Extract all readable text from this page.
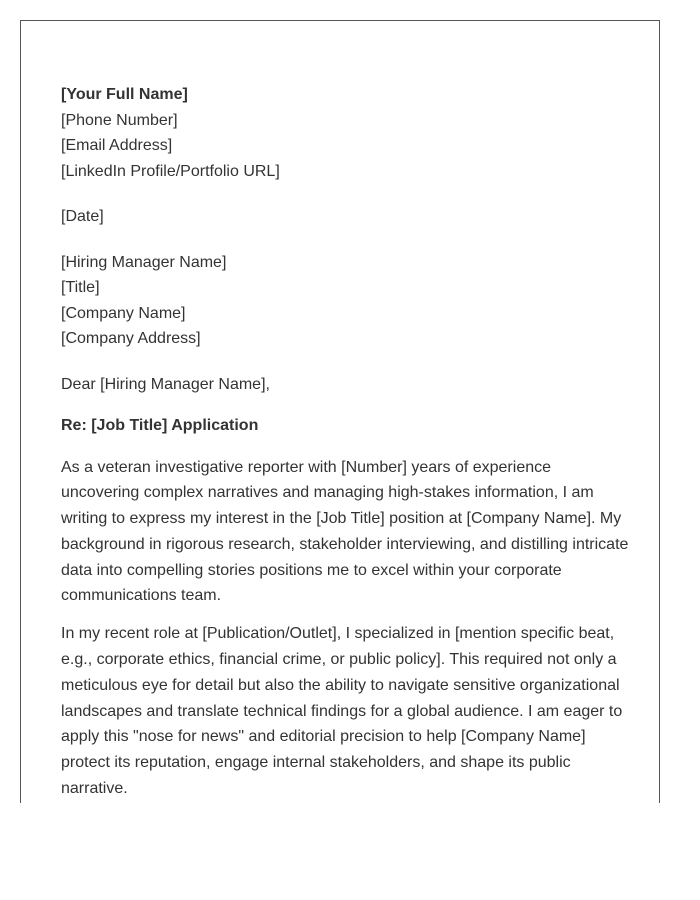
[Your Full Name]
[Phone Number]
[Email Address]
[LinkedIn Profile/Portfolio URL]
[Date]
[Hiring Manager Name]
[Title]
[Company Name]
[Company Address]
Dear [Hiring Manager Name],
Re: [Job Title] Application

As a veteran investigative reporter with [Number] years of experience uncovering complex narratives and managing high-stakes information, I am writing to express my interest in the [Job Title] position at [Company Name]. My background in rigorous research, stakeholder interviewing, and distilling intricate data into compelling stories positions me to excel within your corporate communications team.

In my recent role at [Publication/Outlet], I specialized in [mention specific beat, e.g., corporate ethics, financial crime, or public policy]. This required not only a meticulous eye for detail but also the ability to navigate sensitive organizational landscapes and translate technical findings for a global audience. I am eager to apply this "nose for news" and editorial precision to help [Company Name] protect its reputation, engage internal stakeholders, and shape its public narrative.
